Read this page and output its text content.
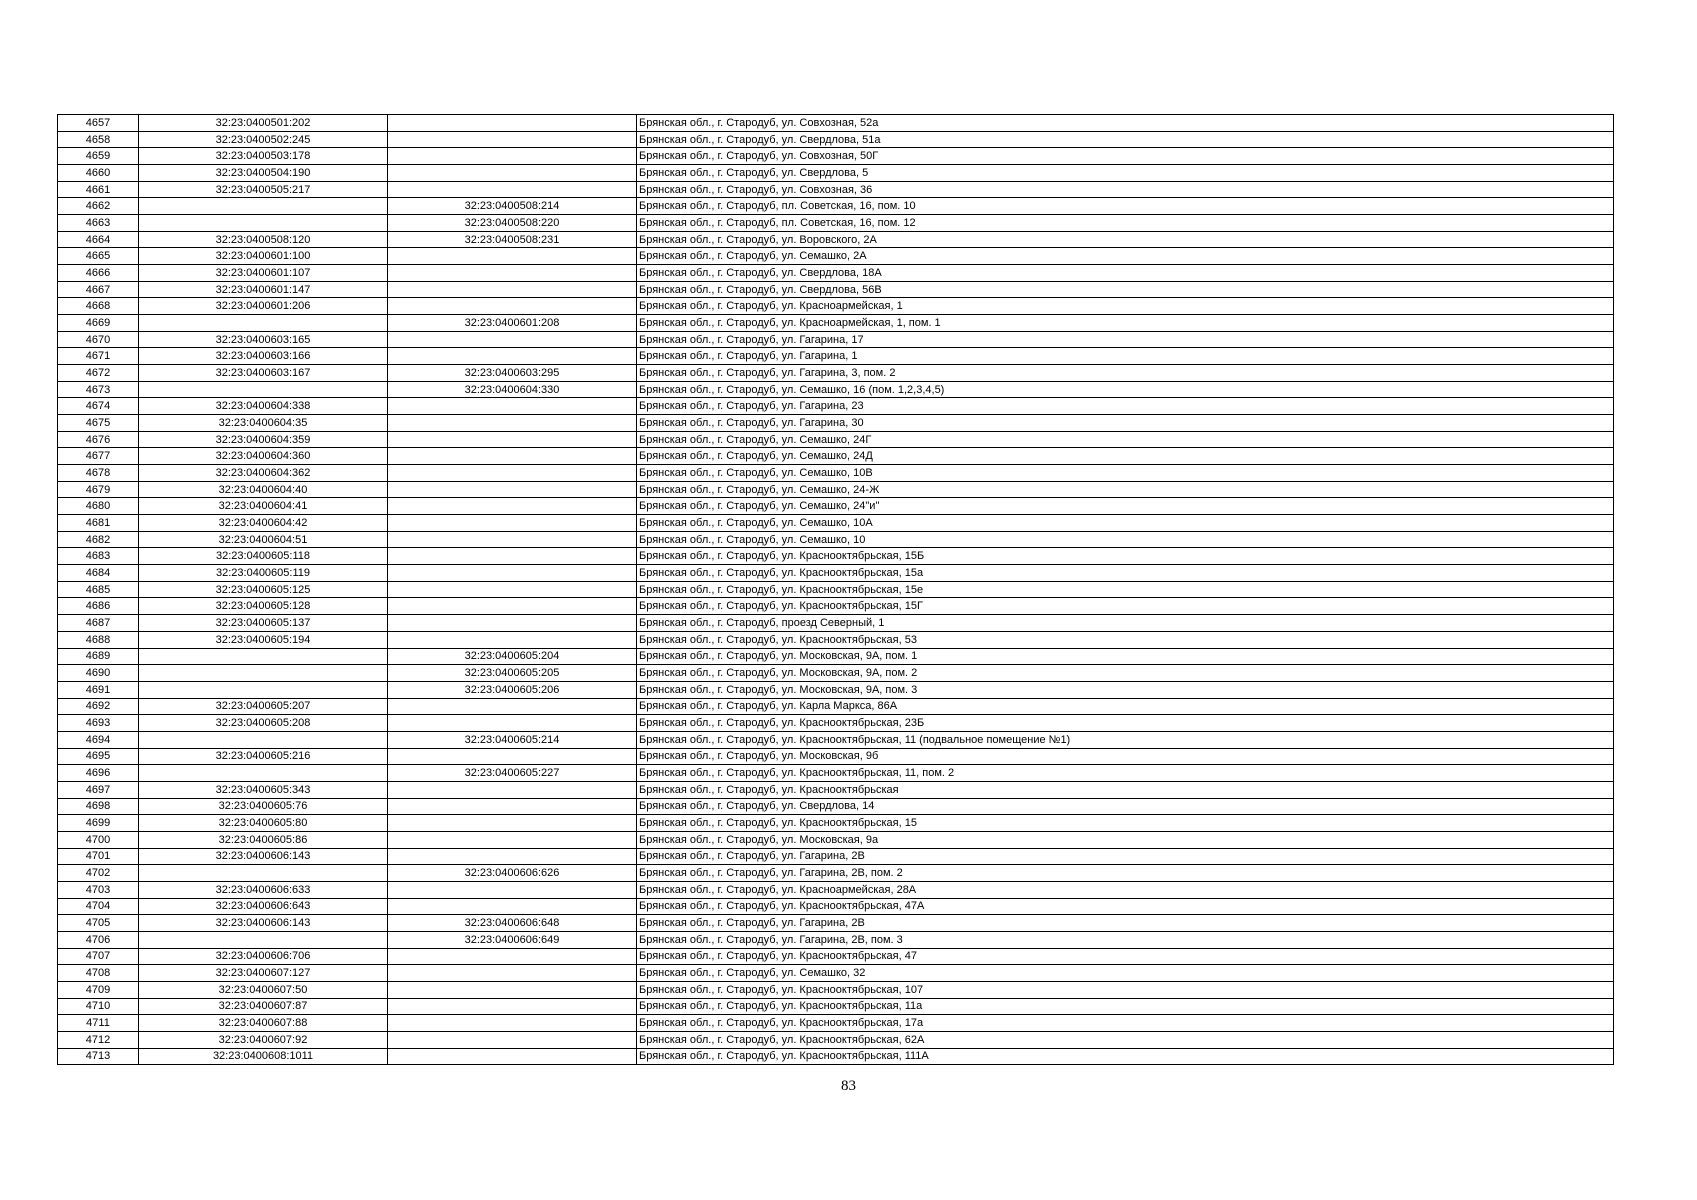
4657	32:23:0400501:202		Брянская обл., г. Стародуб, ул. Совхозная, 52а
4658	32:23:0400502:245		Брянская обл., г. Стародуб, ул. Свердлова, 51а
4659	32:23:0400503:178		Брянская обл., г. Стародуб, ул. Совхозная, 50Г
4660	32:23:0400504:190		Брянская обл., г. Стародуб, ул. Свердлова, 5
4661	32:23:0400505:217		Брянская обл., г. Стародуб, ул. Совхозная, 36
4662		32:23:0400508:214	Брянская обл., г. Стародуб, пл. Советская, 16, пом. 10
4663		32:23:0400508:220	Брянская обл., г. Стародуб, пл. Советская, 16, пом. 12
4664	32:23:0400508:120	32:23:0400508:231	Брянская обл., г. Стародуб, ул. Воровского, 2А
4665	32:23:0400601:100		Брянская обл., г. Стародуб, ул. Семашко, 2А
4666	32:23:0400601:107		Брянская обл., г. Стародуб, ул. Свердлова, 18А
4667	32:23:0400601:147		Брянская обл., г. Стародуб, ул. Свердлова, 56В
4668	32:23:0400601:206		Брянская обл., г. Стародуб, ул. Красноармейская, 1
4669		32:23:0400601:208	Брянская обл., г. Стародуб, ул. Красноармейская, 1, пом. 1
4670	32:23:0400603:165		Брянская обл., г. Стародуб, ул. Гагарина, 17
4671	32:23:0400603:166		Брянская обл., г. Стародуб, ул. Гагарина, 1
4672	32:23:0400603:167	32:23:0400603:295	Брянская обл., г. Стародуб, ул. Гагарина, 3, пом. 2
4673		32:23:0400604:330	Брянская обл., г. Стародуб, ул. Семашко, 16 (пом. 1,2,3,4,5)
4674	32:23:0400604:338		Брянская обл., г. Стародуб, ул. Гагарина, 23
4675	32:23:0400604:35		Брянская обл., г. Стародуб, ул. Гагарина, 30
4676	32:23:0400604:359		Брянская обл., г. Стародуб, ул. Семашко, 24Г
4677	32:23:0400604:360		Брянская обл., г. Стародуб, ул. Семашко, 24Д
4678	32:23:0400604:362		Брянская обл., г. Стародуб, ул. Семашко, 10В
4679	32:23:0400604:40		Брянская обл., г. Стародуб, ул. Семашко, 24-Ж
4680	32:23:0400604:41		Брянская обл., г. Стародуб, ул. Семашко, 24"и"
4681	32:23:0400604:42		Брянская обл., г. Стародуб, ул. Семашко, 10А
4682	32:23:0400604:51		Брянская обл., г. Стародуб, ул. Семашко, 10
4683	32:23:0400605:118		Брянская обл., г. Стародуб, ул. Краснооктябрьская, 15Б
4684	32:23:0400605:119		Брянская обл., г. Стародуб, ул. Краснооктябрьская, 15а
4685	32:23:0400605:125		Брянская обл., г. Стародуб, ул. Краснооктябрьская, 15е
4686	32:23:0400605:128		Брянская обл., г. Стародуб, ул. Краснооктябрьская, 15Г
4687	32:23:0400605:137		Брянская обл., г. Стародуб, проезд Северный, 1
4688	32:23:0400605:194		Брянская обл., г. Стародуб, ул. Краснооктябрьская, 53
4689		32:23:0400605:204	Брянская обл., г. Стародуб, ул. Московская, 9А, пом. 1
4690		32:23:0400605:205	Брянская обл., г. Стародуб, ул. Московская, 9А, пом. 2
4691		32:23:0400605:206	Брянская обл., г. Стародуб, ул. Московская, 9А, пом. 3
4692	32:23:0400605:207		Брянская обл., г. Стародуб, ул. Карла Маркса, 86А
4693	32:23:0400605:208		Брянская обл., г. Стародуб, ул. Краснооктябрьская, 23Б
4694		32:23:0400605:214	Брянская обл., г. Стародуб, ул. Краснооктябрьская, 11 (подвальное помещение №1)
4695	32:23:0400605:216		Брянская обл., г. Стародуб, ул. Московская, 9б
4696		32:23:0400605:227	Брянская обл., г. Стародуб, ул. Краснооктябрьская, 11, пом. 2
4697	32:23:0400605:343		Брянская обл., г. Стародуб, ул. Краснооктябрьская
4698	32:23:0400605:76		Брянская обл., г. Стародуб, ул. Свердлова, 14
4699	32:23:0400605:80		Брянская обл., г. Стародуб, ул. Краснооктябрьская, 15
4700	32:23:0400605:86		Брянская обл., г. Стародуб, ул. Московская, 9а
4701	32:23:0400606:143		Брянская обл., г. Стародуб, ул. Гагарина, 2В
4702		32:23:0400606:626	Брянская обл., г. Стародуб, ул. Гагарина, 2В, пом. 2
4703	32:23:0400606:633		Брянская обл., г. Стародуб, ул. Красноармейская, 28А
4704	32:23:0400606:643		Брянская обл., г. Стародуб, ул. Краснооктябрьская, 47А
4705	32:23:0400606:143	32:23:0400606:648	Брянская обл., г. Стародуб, ул. Гагарина, 2В
4706		32:23:0400606:649	Брянская обл., г. Стародуб, ул. Гагарина, 2В, пом. 3
4707	32:23:0400606:706		Брянская обл., г. Стародуб, ул. Краснооктябрьская, 47
4708	32:23:0400607:127		Брянская обл., г. Стародуб, ул. Семашко, 32
4709	32:23:0400607:50		Брянская обл., г. Стародуб, ул. Краснооктябрьская, 107
4710	32:23:0400607:87		Брянская обл., г. Стародуб, ул. Краснооктябрьская, 11а
4711	32:23:0400607:88		Брянская обл., г. Стародуб, ул. Краснооктябрьская, 17а
4712	32:23:0400607:92		Брянская обл., г. Стародуб, ул. Краснооктябрьская, 62А
4713	32:23:0400608:1011		Брянская обл., г. Стародуб, ул. Краснооктябрьская, 111А
83
